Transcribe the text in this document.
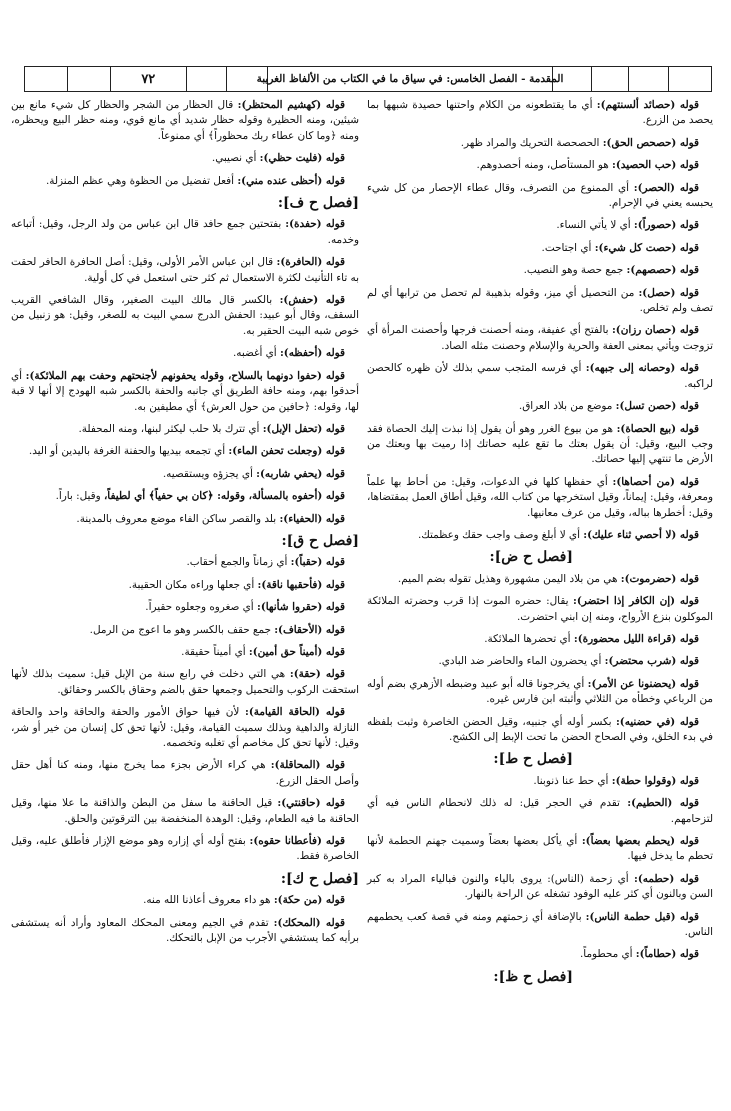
المقدمة - الفصل الخامس: في سياق ما في الكتاب من الألفاظ الغريبة
٧٢

قوله (حصائد ألسنتهم): أي ما يقتطعونه من الكلام واحتنها حصيدة شبهها بما يحصد من الزرع.

قوله (حصحص الحق): الحصحصة التحريك والمراد ظهر.

قوله (حب الحصيد): هو المستأصل، ومنه أحصدوهم.

قوله (الحصر): أي الممنوع من التصرف، وقال عطاء الإحصار من كل شيء يحبسه يعني في الإحرام.

قوله (حصوراً): أي لا يأتي النساء.

قوله (حصت كل شيء): أي اجتاحت.

قوله (حصصهم): جمع حصة وهو النصيب.

قوله (حصل): من التحصيل أي ميز، وقوله بذهيبة لم تحصل من ترابها أي لم تصف ولم تخلص.

قوله (حصان رزان): بالفتح أي عفيفة، ومنه أحصنت فرجها وأحصنت المرأة أي تزوجت ويأتي بمعنى العفة والحرية والإسلام وحصنت مثله الصاد.

قوله (وحصانه إلى جبهه): أي فرسه المتجب سمي بذلك لأن ظهره كالحصن لراكبه.

قوله (حصن تسل): موضع من بلاد العراق.

قوله (بيع الحصاة): هو من بيوع الغرر وهو أن يقول إذا نبذت إليك الحصاة فقد وجب البيع، وقيل: أن يقول بعتك ما تقع عليه حصاتك إذا رميت بها وبعتك من الأرض ما تنتهي إليها حصاتك.

قوله (من أحصاها): أي حفظها كلها في الدعوات، وقيل: من أحاط بها علماً ومعرفة، وقيل: إيماناً، وقيل استخرجها من كتاب الله، وقيل أطاق العمل بمقتضاها، وقيل: أخطرها بباله، وقيل من عرف معانيها.

قوله (لا أحصي ثناء عليك): أي لا أبلغ وصف واجب حقك وعظمتك.

[فصل ح ض]:

قوله (حضرموت): هي من بلاد اليمن مشهورة وهذيل تقوله بضم الميم.

قوله (إن الكافر إذا احتضر): يقال: حضره الموت إذا قرب وحضرته الملائكة الموكلون بنزع الأرواح، ومنه إن ابني احتضرت.

قوله (قراءة الليل محضورة): أي تحضرها الملائكة.

قوله (شرب محتضر): أي يحضرون الماء والحاضر ضد البادي.

قوله (يحضنونا عن الأمر): أي يخرجونا قاله أبو عبيد وضبطه الأزهري بضم أوله من الرباعي وخطأه من الثلاثي وأثبته ابن فارس غيره.

قوله (في حضنيه): بكسر أوله أي جنبيه، وقيل الحضن الخاصرة وثبت بلفظه في بدء الخلق، وفي الصحاح الحضن ما تحت الإبط إلى الكشح.

[فصل ح ط]:

قوله (وقولوا حطة): أي حط عنا ذنوبنا.

قوله (الحطيم): تقدم في الحجر قيل: له ذلك لانحطام الناس فيه أي لتزحامهم.

قوله (يحطم بعضها بعضاً): أي يأكل بعضها بعضاً وسميت جهنم الحطمة لأنها تحطم ما يدخل فيها.

قوله (حطمه): أي زحمة (الناس): يروى بالياء والنون فبالياء المراد به كبر السن وبالنون أي كثر عليه الوفود تشغله عن الراحة بالنهار.

قوله (قبل حطمة الناس): بالإضافة أي زحمتهم ومنه في قصة كعب يحطمهم الناس.

قوله (حطاماً): أي محطوماً.

[فصل ح ظ]:

قوله (كهشيم المحتظر): قال الحظار من الشجر والحظار كل شيء مانع بين شيئين، ومنه الحظيرة وقوله حظار شديد أي مانع قوي، ومنه حظر البيع ويحظره، ومنه ﴿وما كان عطاء ربك محظوراً﴾ أي ممنوعاً.

قوله (فليت حظي): أي نصيبي.

قوله (أحظى عنده مني): أفعل تفضيل من الحظوة وهي عظم المنزلة.

[فصل ح ف]:

قوله (حفدة): بفتحتين جمع حافد قال ابن عباس من ولد الرجل، وقيل: أتباعه وخدمه.

قوله (الحافرة): قال ابن عباس الأمر الأولى، وقيل: أصل الحافرة الحافر لحقت به تاء التأنيث لكثرة الاستعمال ثم كثر حتى استعمل في كل أولية.

قوله (حفش): بالكسر قال مالك البيت الصغير، وقال الشافعي القريب السقف، وقال أبو عبيد: الحفش الدرج سمي البيت به للصغر، وقيل: هو زنبيل من خوص شبه البيت الحقير به.

قوله (أحفظه): أي أغضبه.

قوله (حفوا دونهما بالسلاح، وقوله يحفونهم لأجنحتهم وحفت بهم الملائكة): أي أحدقوا بهم، ومنه حافة الطريق أي جانبه والحفة بالكسر شبه الهودج إلا أنها لا قبة لها، وقوله: ﴿حافين من حول العرش﴾ أي مطيفين به.

قوله (تحفل الإبل): أي تترك بلا حلب ليكثر لبنها، ومنه المحفلة.

قوله (وجعلت تحفن الماء): أي تجمعه بيديها والحفنة الغرفة باليدين أو اليد.

قوله (يحفي شاربه): أي يجزؤه ويستقصيه.

قوله (أحفوه بالمسألة، وقوله: ﴿كان بي حفياً﴾ أي لطيفاً، وقيل: باراً.

قوله (الحفياء): بلد والقصر ساكن الفاء موضع معروف بالمدينة.

[فصل ح ق]:

قوله (حقباً): أي زماناً والجمع أحقاب.

قوله (فأحقبها ناقة): أي جعلها وراءه مكان الحقيبة.

قوله (حقروا شأنها): أي صغروه وجعلوه حقيراً.

قوله (الأحقاف): جمع حقف بالكسر وهو ما اعوج من الرمل.

قوله (أميناً حق أمين): أي أميناً حقيقة.

قوله (حقة): هي التي دخلت في رابع سنة من الإبل قيل: سميت بذلك لأنها استحقت الركوب والتحميل وجمعها حقق بالضم وحقاق بالكسر وحقائق.

قوله (الحاقة القيامة): لأن فيها حواق الأمور والحقة والحاقة واحد والحاقة النازلة والداهية وبذلك سميت القيامة، وقيل: لأنها تحق كل إنسان من خير أو شر، وقيل: لأنها تحق كل مخاصم أي تغلبه وتخصمه.

قوله (المحاقلة): هي كراء الأرض بجزء مما يخرج منها، ومنه كنا أهل حقل وأصل الحقل الزرع.

قوله (حاقنتي): قيل الحاقنة ما سفل من البطن والذاقنة ما علا منها، وقيل الحاقنة ما فيه الطعام، وقيل: الوهدة المنخفضة بين الترقوتين والحلق.

قوله (فأعطانا حقوه): بفتح أوله أي إزاره وهو موضع الإزار فأطلق عليه، وقيل الخاصرة فقط.

[فصل ح ك]:

قوله (من حكة): هو داء معروف أعاذنا الله منه.

قوله (المحكك): تقدم في الجيم ومعنى المحكك المعاود وأراد أنه يستشفى برأيه كما يستشفي الأجرب من الإبل بالتحكك.
